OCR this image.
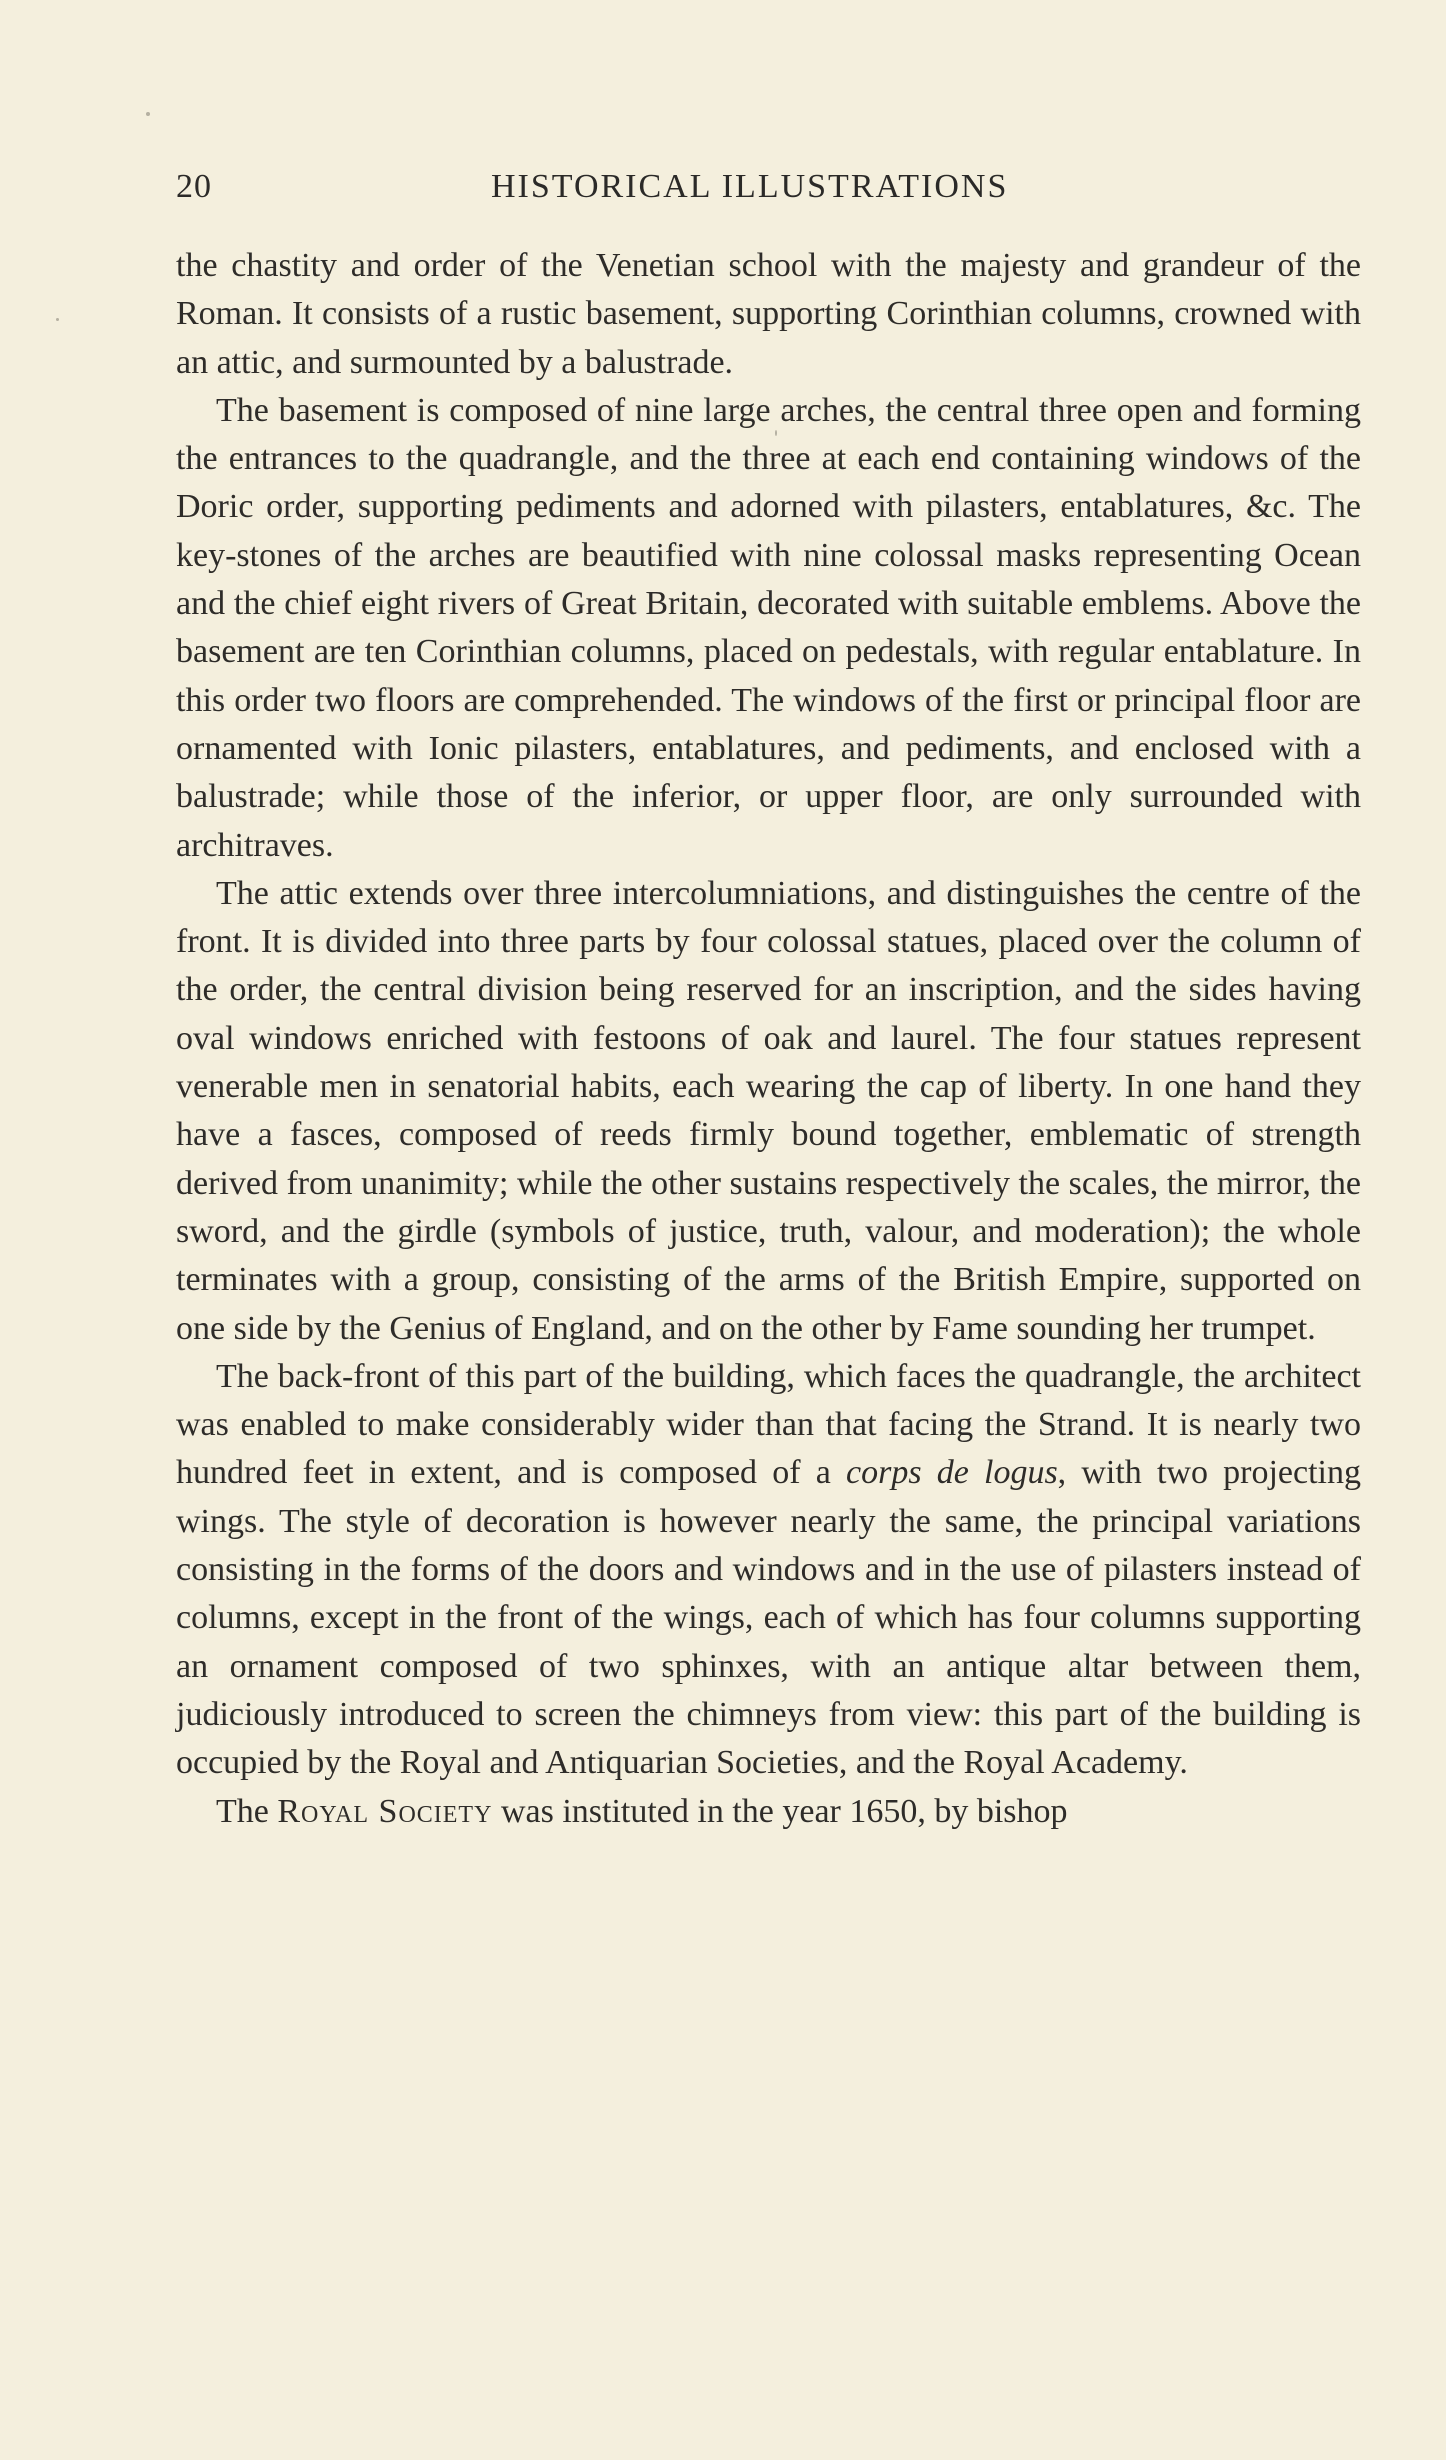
20	HISTORICAL ILLUSTRATIONS

the chastity and order of the Venetian school with the majesty and grandeur of the Roman. It consists of a rustic basement, supporting Corinthian columns, crowned with an attic, and surmounted by a balustrade.

The basement is composed of nine large arches, the central three open and forming the entrances to the quadrangle, and the three at each end containing windows of the Doric order, supporting pediments and adorned with pilasters, entablatures, &c. The key-stones of the arches are beautified with nine colossal masks representing Ocean and the chief eight rivers of Great Britain, decorated with suitable emblems. Above the basement are ten Corinthian columns, placed on pedestals, with regular entablature. In this order two floors are comprehended. The windows of the first or principal floor are ornamented with Ionic pilasters, entablatures, and pediments, and enclosed with a balustrade; while those of the inferior, or upper floor, are only surrounded with architraves.

The attic extends over three intercolumniations, and distinguishes the centre of the front. It is divided into three parts by four colossal statues, placed over the column of the order, the central division being reserved for an inscription, and the sides having oval windows enriched with festoons of oak and laurel. The four statues represent venerable men in senatorial habits, each wearing the cap of liberty. In one hand they have a fasces, composed of reeds firmly bound together, emblematic of strength derived from unanimity; while the other sustains respectively the scales, the mirror, the sword, and the girdle (symbols of justice, truth, valour, and moderation); the whole terminates with a group, consisting of the arms of the British Empire, supported on one side by the Genius of England, and on the other by Fame sounding her trumpet.

The back-front of this part of the building, which faces the quadrangle, the architect was enabled to make considerably wider than that facing the Strand. It is nearly two hundred feet in extent, and is composed of a corps de logus, with two projecting wings. The style of decoration is however nearly the same, the principal variations consisting in the forms of the doors and windows and in the use of pilasters instead of columns, except in the front of the wings, each of which has four columns supporting an ornament composed of two sphinxes, with an antique altar between them, judiciously introduced to screen the chimneys from view: this part of the building is occupied by the Royal and Antiquarian Societies, and the Royal Academy.

The Royal Society was instituted in the year 1650, by bishop
